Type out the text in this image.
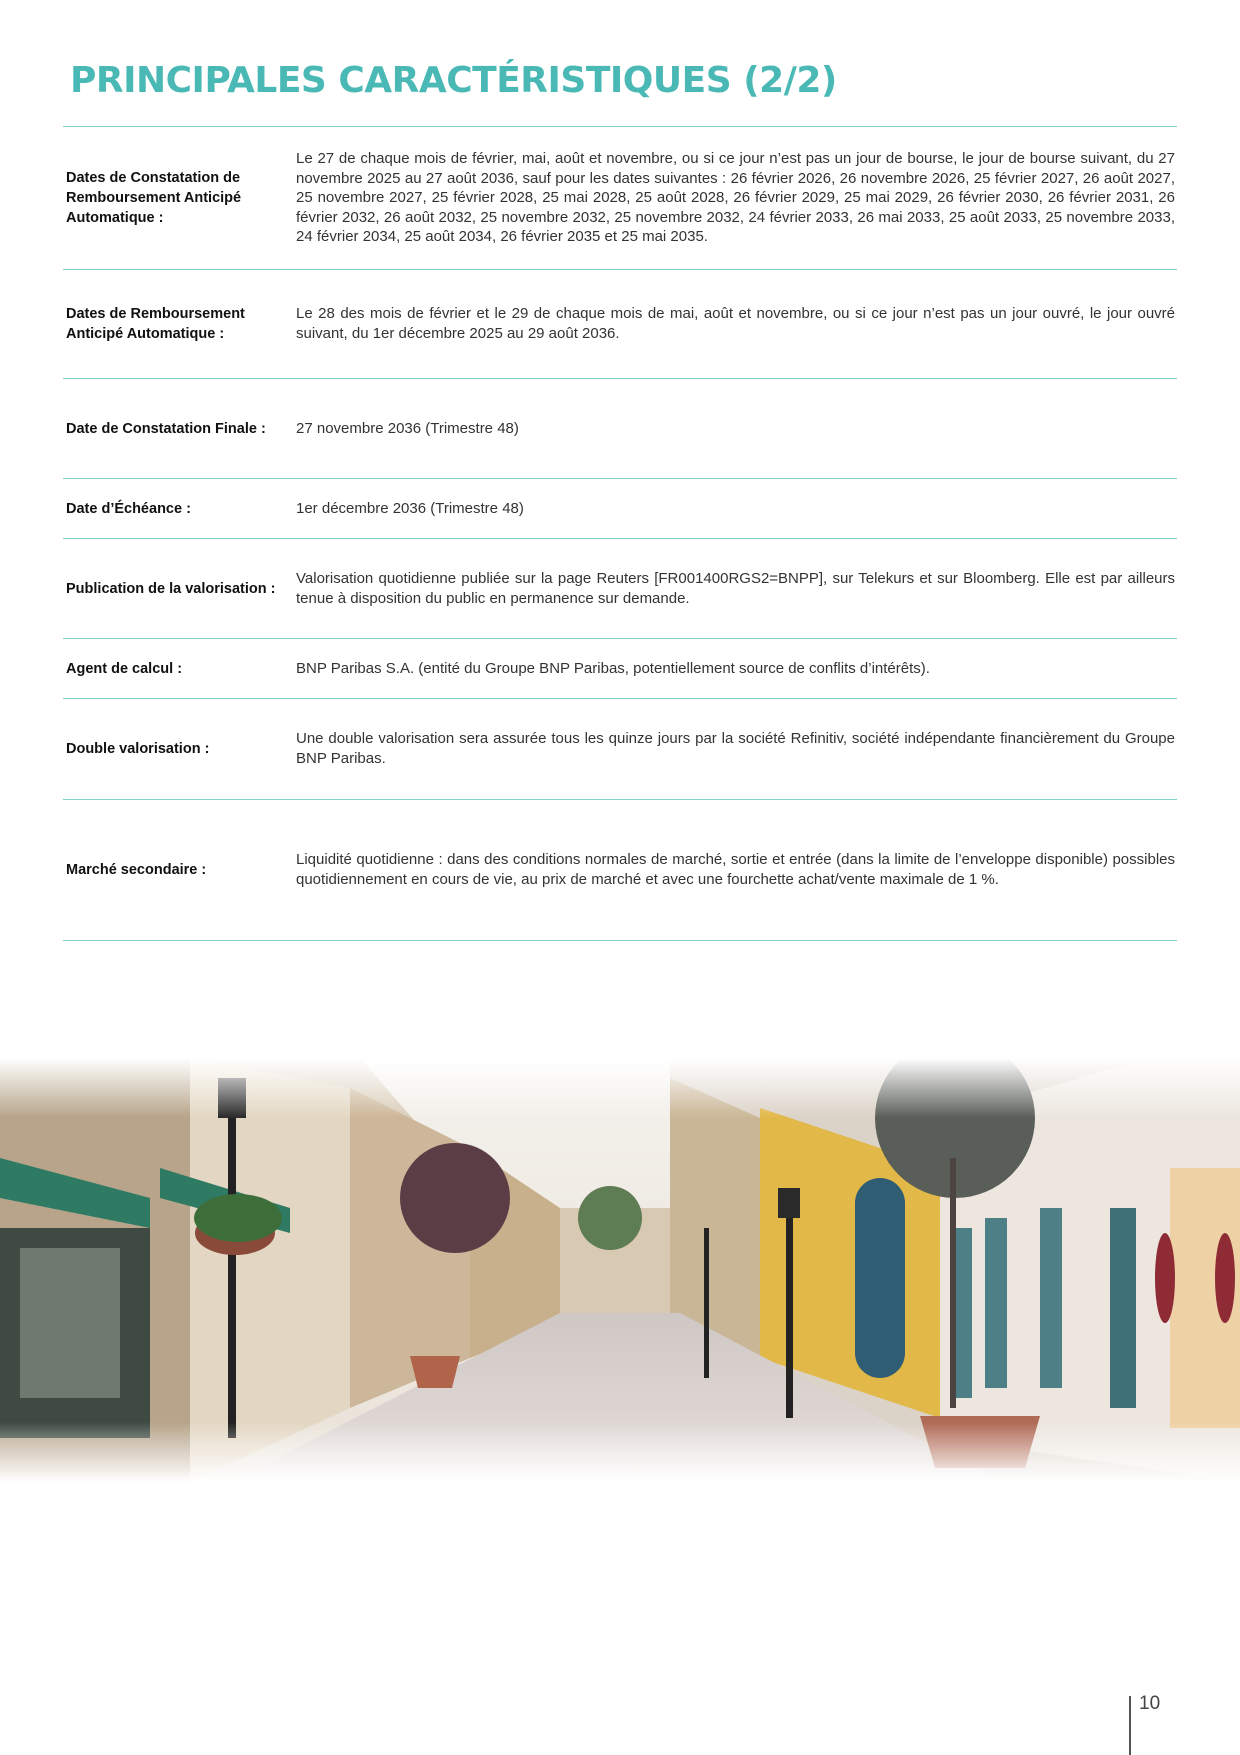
PRINCIPALES CARACTÉRISTIQUES (2/2)
Dates de Constatation de Remboursement Anticipé Automatique :
Le 27 de chaque mois de février, mai, août et novembre, ou si ce jour n’est pas un jour de bourse, le jour de bourse suivant, du 27 novembre 2025 au 27 août 2036, sauf pour les dates suivantes : 26 février 2026, 26 novembre 2026, 25 février 2027, 26 août 2027, 25 novembre 2027, 25 février 2028, 25 mai 2028, 25 août 2028, 26 février 2029, 25 mai 2029, 26 février 2030, 26 février 2031, 26 février 2032, 26 août 2032, 25 novembre 2032, 25 novembre 2032, 24 février 2033, 26 mai 2033, 25 août 2033, 25 novembre 2033, 24 février 2034, 25 août 2034, 26 février 2035 et 25 mai 2035.
Dates de Remboursement Anticipé Automatique :
Le 28 des mois de février et le 29 de chaque mois de mai, août et novembre, ou si ce jour n’est pas un jour ouvré, le jour ouvré suivant, du 1er décembre 2025 au 29 août 2036.
Date de Constatation Finale :	27 novembre 2036 (Trimestre 48)
Date d’Échéance :	1er décembre 2036 (Trimestre 48)
Publication de la valorisation :
Valorisation quotidienne publiée sur la page Reuters [FR001400RGS2=BNPP], sur Telekurs et sur Bloomberg. Elle est par ailleurs tenue à disposition du public en permanence sur demande.
Agent de calcul :	BNP Paribas S.A. (entité du Groupe BNP Paribas, potentiellement source de conflits d’intérêts).
Double valorisation :
Une double valorisation sera assurée tous les quinze jours par la société Refinitiv, société indépendante financièrement du Groupe BNP Paribas.
Marché secondaire :
Liquidité quotidienne : dans des conditions normales de marché, sortie et entrée (dans la limite de l’enveloppe disponible) possibles quotidiennement en cours de vie, au prix de marché et avec une fourchette achat/vente maximale de 1 %.
10
